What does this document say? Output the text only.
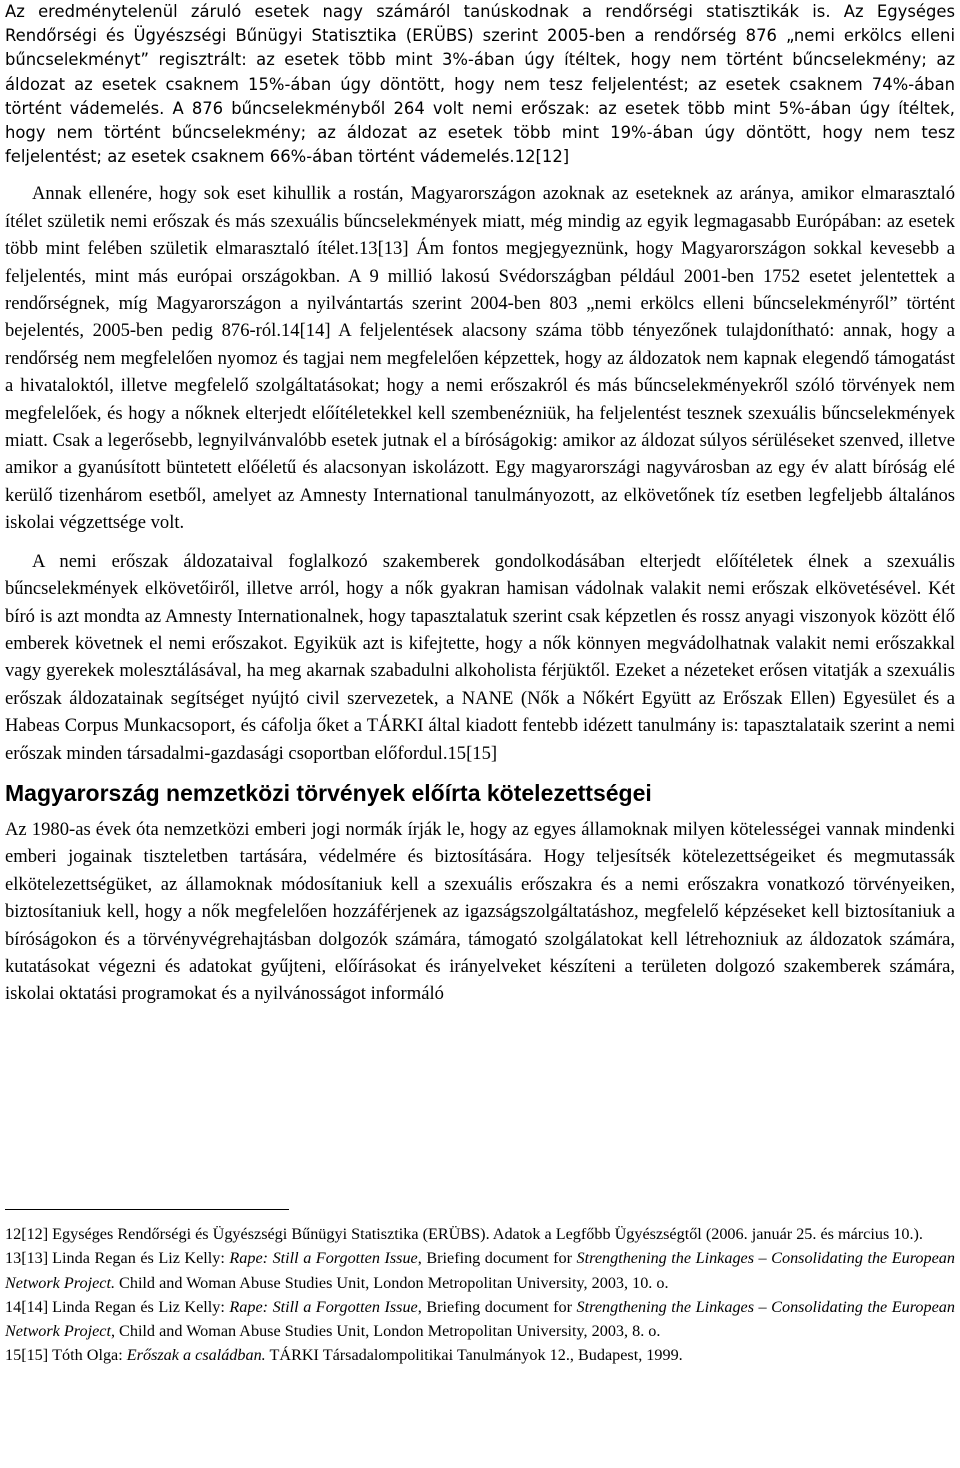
Az eredménytelenül záruló esetek nagy számáról tanúskodnak a rendőrségi statisztikák is. Az Egységes Rendőrségi és Ügyészségi Bűnügyi Statisztika (ERÜBS) szerint 2005-ben a rendőrség 876 „nemi erkölcs elleni bűncselekményt” regisztrált: az esetek több mint 3%-ában úgy ítéltek, hogy nem történt bűncselekmény; az áldozat az esetek csaknem 15%-ában úgy döntött, hogy nem tesz feljelentést; az esetek csaknem 74%-ában történt vádemelés. A 876 bűncselekményből 264 volt nemi erőszak: az esetek több mint 5%-ában úgy ítéltek, hogy nem történt bűncselekmény; az áldozat az esetek több mint 19%-ában úgy döntött, hogy nem tesz feljelentést; az esetek csaknem 66%-ában történt vádemelés.12[12]

Annak ellenére, hogy sok eset kihullik a rostán, Magyarországon azoknak az eseteknek az aránya, amikor elmarasztaló ítélet születik nemi erőszak és más szexuális bűncselekmények miatt, még mindig az egyik legmagasabb Európában: az esetek több mint felében születik elmarasztaló ítélet.13[13] Ám fontos megjegyeznünk, hogy Magyarországon sokkal kevesebb a feljelentés, mint más európai országokban. A 9 millió lakosú Svédországban például 2001-ben 1752 esetet jelentettek a rendőrségnek, míg Magyarországon a nyilvántartás szerint 2004-ben 803 „nemi erkölcs elleni bűncselekményről” történt bejelentés, 2005-ben pedig 876-ról.14[14] A feljelentések alacsony száma több tényezőnek tulajdonítható: annak, hogy a rendőrség nem megfelelően nyomoz és tagjai nem megfelelően képzettek, hogy az áldozatok nem kapnak elegendő támogatást a hivataloktól, illetve megfelelő szolgáltatásokat; hogy a nemi erőszakról és más bűncselekményekről szóló törvények nem megfelelőek, és hogy a nőknek elterjedt előítéletekkel kell szembenézniük, ha feljelentést tesznek szexuális bűncselekmények miatt. Csak a legerősebb, legnyilvánvalóbb esetek jutnak el a bíróságokig: amikor az áldozat súlyos sérüléseket szenved, illetve amikor a gyanúsított büntetett előéletű és alacsonyan iskolázott. Egy magyarországi nagyvárosban az egy év alatt bíróság elé kerülő tizenhárom esetből, amelyet az Amnesty International tanulmányozott, az elkövetőnek tíz esetben legfeljebb általános iskolai végzettsége volt.

A nemi erőszak áldozataival foglalkozó szakemberek gondolkodásában elterjedt előítéletek élnek a szexuális bűncselekmények elkövetőiről, illetve arról, hogy a nők gyakran hamisan vádolnak valakit nemi erőszak elkövetésével. Két bíró is azt mondta az Amnesty Internationalnek, hogy tapasztalatuk szerint csak képzetlen és rossz anyagi viszonyok között élő emberek követnek el nemi erőszakot. Egyikük azt is kifejtette, hogy a nők könnyen megvádolhatnak valakit nemi erőszakkal vagy gyerekek molesztálásával, ha meg akarnak szabadulni alkoholista férjüktől. Ezeket a nézeteket erősen vitatják a szexuális erőszak áldozatainak segítséget nyújtó civil szervezetek, a NANE (Nők a Nőkért Együtt az Erőszak Ellen) Egyesület és a Habeas Corpus Munkacsoport, és cáfolja őket a TÁRKI által kiadott fentebb idézett tanulmány is: tapasztalataik szerint a nemi erőszak minden társadalmi-gazdasági csoportban előfordul.15[15]

Magyarország nemzetközi törvények előírta kötelezettségei

Az 1980-as évek óta nemzetközi emberi jogi normák írják le, hogy az egyes államoknak milyen kötelességei vannak mindenki emberi jogainak tiszteletben tartására, védelmére és biztosítására. Hogy teljesítsék kötelezettségeiket és megmutassák elkötelezettségüket, az államoknak módosítaniuk kell a szexuális erőszakra és a nemi erőszakra vonatkozó törvényeiken, biztosítaniuk kell, hogy a nők megfelelően hozzáférjenek az igazságszolgáltatáshoz, megfelelő képzéseket kell biztosítaniuk a bíróságokon és a törvényvégrehajtásban dolgozók számára, támogató szolgálatokat kell létrehozniuk az áldozatok számára, kutatásokat végezni és adatokat gyűjteni, előírásokat és irányelveket készíteni a területen dolgozó szakemberek számára, iskolai oktatási programokat és a nyilvánosságot informáló

12[12] Egységes Rendőrségi és Ügyészségi Bűnügyi Statisztika (ERÜBS). Adatok a Legfőbb Ügyészségtől (2006. január 25. és március 10.).

13[13] Linda Regan és Liz Kelly: Rape: Still a Forgotten Issue, Briefing document for Strengthening the Linkages – Consolidating the European Network Project. Child and Woman Abuse Studies Unit, London Metropolitan University, 2003, 10. o.

14[14] Linda Regan és Liz Kelly: Rape: Still a Forgotten Issue, Briefing document for Strengthening the Linkages – Consolidating the European Network Project, Child and Woman Abuse Studies Unit, London Metropolitan University, 2003, 8. o.

15[15] Tóth Olga: Erőszak a családban. TÁRKI Társadalompolitikai Tanulmányok 12., Budapest, 1999.
